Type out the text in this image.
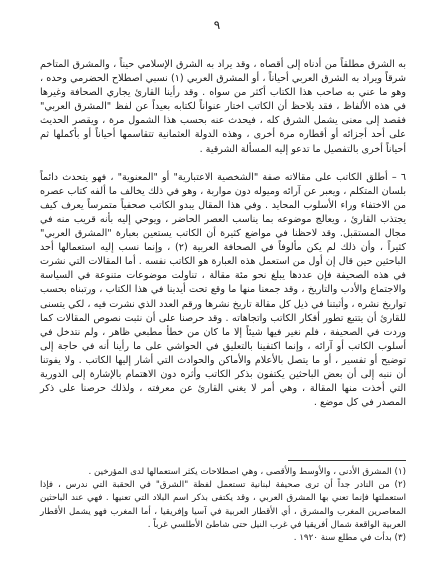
٩

به الشرق مطلقاً من أدناه إلى أقصاه ، وقد يراد به الشرق الإسلامي حيناً ، والمشرق المتاخم شرقاً ويراد به الشرق العربي أحياناً ، أو المشرق العربي (١) نسبي اصطلاح الحضرمي وحده ، وهو ما عني به صاحب هذا الكتاب أكثر من سواه . وقد رأينا القارئ يجاري الصحافة وغيرها في هذه الألفاظ ، فقد يلاحظ أن الكاتب اختار عنواناً لكتابه بعيداً عن لفظ "المشرق العربي" فقصد إلى معنى يشمل الشرق كله ، فيحدث عنه بحسب هذا الشمول مرة ، ويقصر الحديث على أحد أجزائه أو أقطاره مرة أخرى ، وهذه الدولة العثمانية تتقاسمها أحياناً أو بأكملها ثم أحياناً أخرى بالتفصيل ما تدعو إليه المسألة الشرقية .

٦ – أطلق الكاتب على مقالاته صفة "الشخصية الاعتبارية" أو "المعنوية" ، فهو يتحدث دائماً بلسان المتكلم ، ويعبر عن آرائه وميوله دون مواربة ، وهو في ذلك يخالف ما ألفه كتاب عصره من الاختفاء وراء الأسلوب المحايد . وفي هذا المقال يبدو الكاتب صحفياً متمرساً يعرف كيف يجتذب القارئ ، ويعالج موضوعه بما يناسب العصر الحاضر ، ويوحي إليه بأنه قريب منه في مجال المستقبل. وقد لاحظنا في مواضع كثيرة أن الكاتب يستعين بعبارة "المشرق العربي" كثيراً ، وأن ذلك لم يكن مألوفاً في الصحافة العربية (٢) ، وإنما نسب إليه استعمالها أحد الباحثين حين قال إن أول من استعمل هذه العبارة هو الكاتب نفسه . أما المقالات التي نشرت في هذه الصحيفة فإن عددها يبلغ نحو مئة مقالة ، تناولت موضوعات متنوعة في السياسة والاجتماع والأدب والتاريخ ، وقد جمعنا منها ما وقع تحت أيدينا في هذا الكتاب ، ورتبناه بحسب تواريخ نشره ، وأثبتنا في ذيل كل مقالة تاريخ نشرها ورقم العدد الذي نشرت فيه ، لكي يتسنى للقارئ أن يتتبع تطور أفكار الكاتب واتجاهاته . وقد حرصنا على أن نثبت نصوص المقالات كما وردت في الصحيفة ، فلم نغير فيها شيئاً إلا ما كان من خطأ مطبعي ظاهر ، ولم نتدخل في أسلوب الكاتب أو آرائه ، وإنما اكتفينا بالتعليق في الحواشي على ما رأينا أنه في حاجة إلى توضيح أو تفسير ، أو ما يتصل بالأعلام والأماكن والحوادث التي أشار إليها الكاتب . ولا يفوتنا أن ننبه إلى أن بعض الباحثين يكتفون بذكر الكاتب وأثره دون الاهتمام بالإشارة إلى الدورية التي أخذت منها المقالة ، وهي أمر لا يغني القارئ عن معرفته ، ولذلك حرصنا على ذكر المصدر في كل موضع .

(١) المشرق الأدنى ، والأوسط والأقصى ، وهي اصطلاحات يكثر استعمالها لدى المؤرخين .

(٢) من النادر جداً أن ترى صحيفة لبنانية تستعمل لفظة "الشرق" في الحقبة التي ندرس ، فإذا استعملتها فإنما تعني بها المشرق العربي ، وقد يكتفى بذكر اسم البلاد التي تعنيها . فهي عند الباحثين المعاصرين المغرب والمشرق ، أي الأقطار العربية في آسيا وإفريقيا ، أما المغرب فهو يشمل الأقطار العربية الواقعة شمال أفريقيا في غرب النيل حتى شاطئ الأطلسي غرباً .

(٣) بدأت في مطلع سنة ١٩٢٠ .
